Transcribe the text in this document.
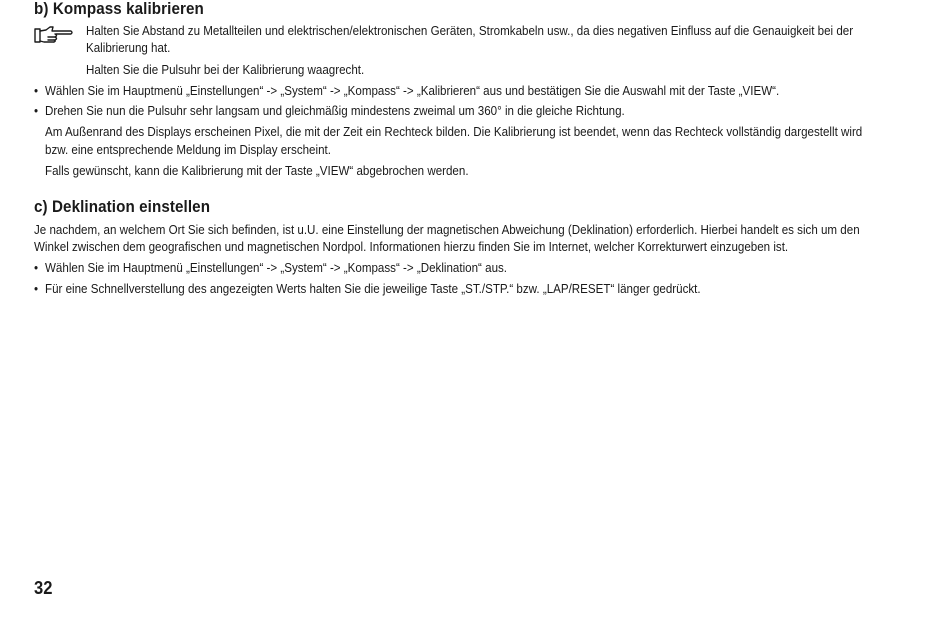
b) Kompass kalibrieren
Halten Sie Abstand zu Metallteilen und elektrischen/elektronischen Geräten, Stromkabeln usw., da dies negativen Einfluss auf die Genauigkeit bei der
Kalibrierung hat.
Halten Sie die Pulsuhr bei der Kalibrierung waagrecht.
• Wählen Sie im Hauptmenü „Einstellungen“ -> „System“ -> „Kompass“ -> „Kalibrieren“ aus und bestätigen Sie die Auswahl mit der Taste „VIEW“.
• Drehen Sie nun die Pulsuhr sehr langsam und gleichmäßig mindestens zweimal um 360° in die gleiche Richtung.
Am Außenrand des Displays erscheinen Pixel, die mit der Zeit ein Rechteck bilden. Die Kalibrierung ist beendet, wenn das Rechteck vollständig dargestellt wird
bzw. eine entsprechende Meldung im Display erscheint.
Falls gewünscht, kann die Kalibrierung mit der Taste „VIEW“ abgebrochen werden.
c) Deklination einstellen
Je nachdem, an welchem Ort Sie sich befinden, ist u.U. eine Einstellung der magnetischen Abweichung (Deklination) erforderlich. Hierbei handelt es sich um den
Winkel zwischen dem geografischen und magnetischen Nordpol. Informationen hierzu finden Sie im Internet, welcher Korrekturwert einzugeben ist.
• Wählen Sie im Hauptmenü „Einstellungen“ -> „System“ -> „Kompass“ -> „Deklination“ aus.
• Für eine Schnellverstellung des angezeigten Werts halten Sie die jeweilige Taste „ST./STP.“ bzw. „LAP/RESET“ länger gedrückt.
32
